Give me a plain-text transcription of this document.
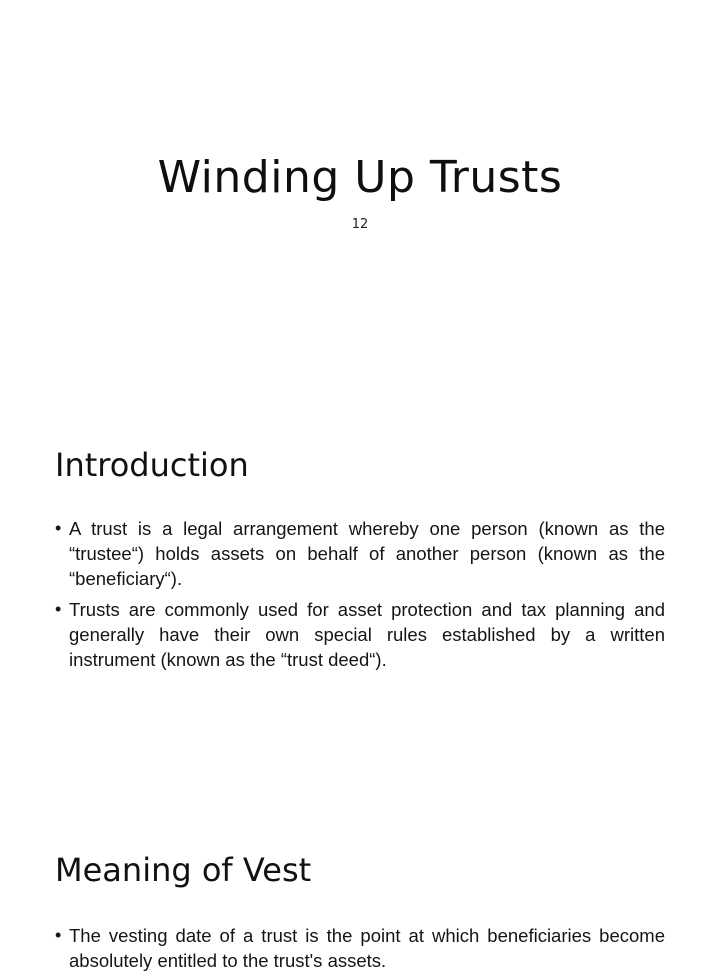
Winding Up Trusts
12
Introduction
• A trust is a legal arrangement whereby one person (known as the “trustee“) holds assets on behalf of another person (known as the “beneficiary“).
• Trusts are commonly used for asset protection and tax planning and generally have their own special rules established by a written instrument (known as the “trust deed“).
Meaning of Vest
• The vesting date of a trust is the point at which beneficiaries become absolutely entitled to the trust's assets.
